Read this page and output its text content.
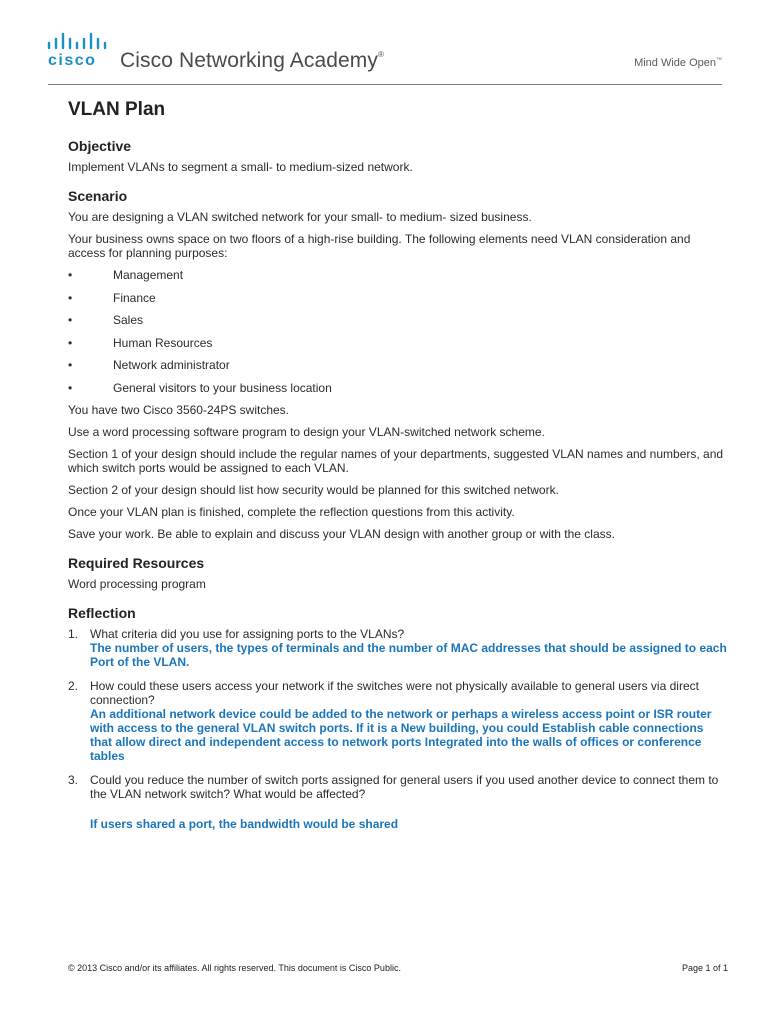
cisco Cisco Networking Academy®
Mind Wide Open™
VLAN Plan
Objective

Implement VLANs to segment a small- to medium-sized network.

Scenario

You are designing a VLAN switched network for your small- to medium- sized business.

Your business owns space on two floors of a high-rise building. The following elements need VLAN consideration and access for planning purposes:

•	Management
•	Finance
•	Sales
•	Human Resources
•	Network administrator
•	General visitors to your business location

You have two Cisco 3560-24PS switches.

Use a word processing software program to design your VLAN-switched network scheme.

Section 1 of your design should include the regular names of your departments, suggested VLAN names and numbers, and which switch ports would be assigned to each VLAN.

Section 2 of your design should list how security would be planned for this switched network.

Once your VLAN plan is finished, complete the reflection questions from this activity.

Save your work. Be able to explain and discuss your VLAN design with another group or with the class.

Required Resources

Word processing program

Reflection
1. What criteria did you use for assigning ports to the VLANs?
The number of users, the types of terminals and the number of MAC addresses that should be assigned to each Port of the VLAN.
2. How could these users access your network if the switches were not physically available to general users via direct connection?
An additional network device could be added to the network or perhaps a wireless access point or ISR router with access to the general VLAN switch ports. If it is a New building, you could Establish cable connections that allow direct and independent access to network ports Integrated into the walls of offices or conference tables
3. Could you reduce the number of switch ports assigned for general users if you used another device to connect them to the VLAN network switch? What would be affected?
If users shared a port, the bandwidth would be shared
© 2013 Cisco and/or its affiliates. All rights reserved. This document is Cisco Public.	Page 1 of 1
